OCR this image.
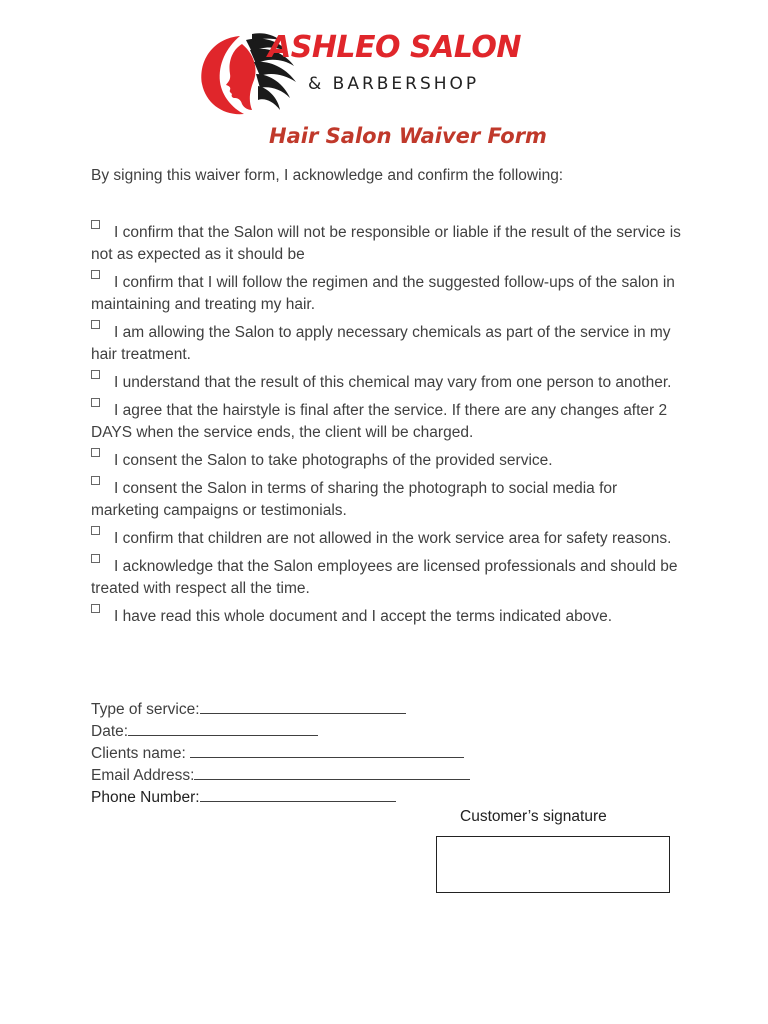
ASHLEO SALON
& BARBERSHOP
Hair Salon Waiver Form
By signing this waiver form, I acknowledge and confirm the following:
I confirm that the Salon will not be responsible or liable if the result of the service is not as expected as it should be
I confirm that I will follow the regimen and the suggested follow-ups of the salon in maintaining and treating my hair.
I am allowing the Salon to apply necessary chemicals as part of the service in my hair treatment.
I understand that the result of this chemical may vary from one person to another.
I agree that the hairstyle is final after the service. If there are any changes after 2 DAYS when the service ends, the client will be charged.
I consent the Salon to take photographs of the provided service.
I consent the Salon in terms of sharing the photograph to social media for marketing campaigns or testimonials.
I confirm that children are not allowed in the work service area for safety reasons.
I acknowledge that the Salon employees are licensed professionals and should be treated with respect all the time.
I have read this whole document and I accept the terms indicated above.
Type of service:
Date:
Clients name:
Email Address:
Phone Number:
Customer’s signature
